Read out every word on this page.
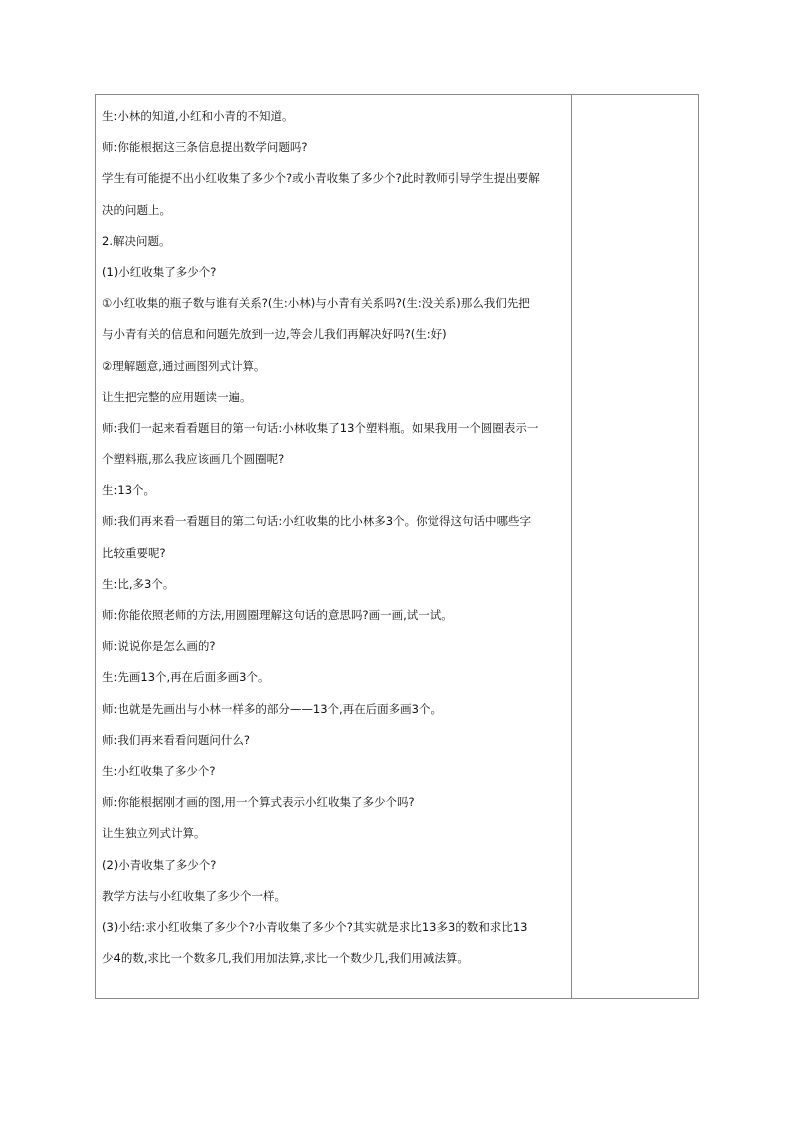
生:小林的知道,小红和小青的不知道。
师:你能根据这三条信息提出数学问题吗?
学生有可能提不出小红收集了多少个?或小青收集了多少个?此时教师引导学生提出要解
决的问题上。
2.解决问题。
(1)小红收集了多少个?
①小红收集的瓶子数与谁有关系?(生:小林)与小青有关系吗?(生:没关系)那么我们先把
与小青有关的信息和问题先放到一边,等会儿我们再解决好吗?(生:好)
②理解题意,通过画图列式计算。
让生把完整的应用题读一遍。
师:我们一起来看看题目的第一句话:小林收集了13个塑料瓶。如果我用一个圆圈表示一
个塑料瓶,那么我应该画几个圆圈呢?
生:13个。
师:我们再来看一看题目的第二句话:小红收集的比小林多3个。你觉得这句话中哪些字
比较重要呢?
生:比,多3个。
师:你能依照老师的方法,用圆圈理解这句话的意思吗?画一画,试一试。
师:说说你是怎么画的?
生:先画13个,再在后面多画3个。
师:也就是先画出与小林一样多的部分——13个,再在后面多画3个。
师:我们再来看看问题问什么?
生:小红收集了多少个?
师:你能根据刚才画的图,用一个算式表示小红收集了多少个吗?
让生独立列式计算。
(2)小青收集了多少个?
教学方法与小红收集了多少个一样。
(3)小结:求小红收集了多少个?小青收集了多少个?其实就是求比13多3的数和求比13
少4的数,求比一个数多几,我们用加法算,求比一个数少几,我们用减法算。
